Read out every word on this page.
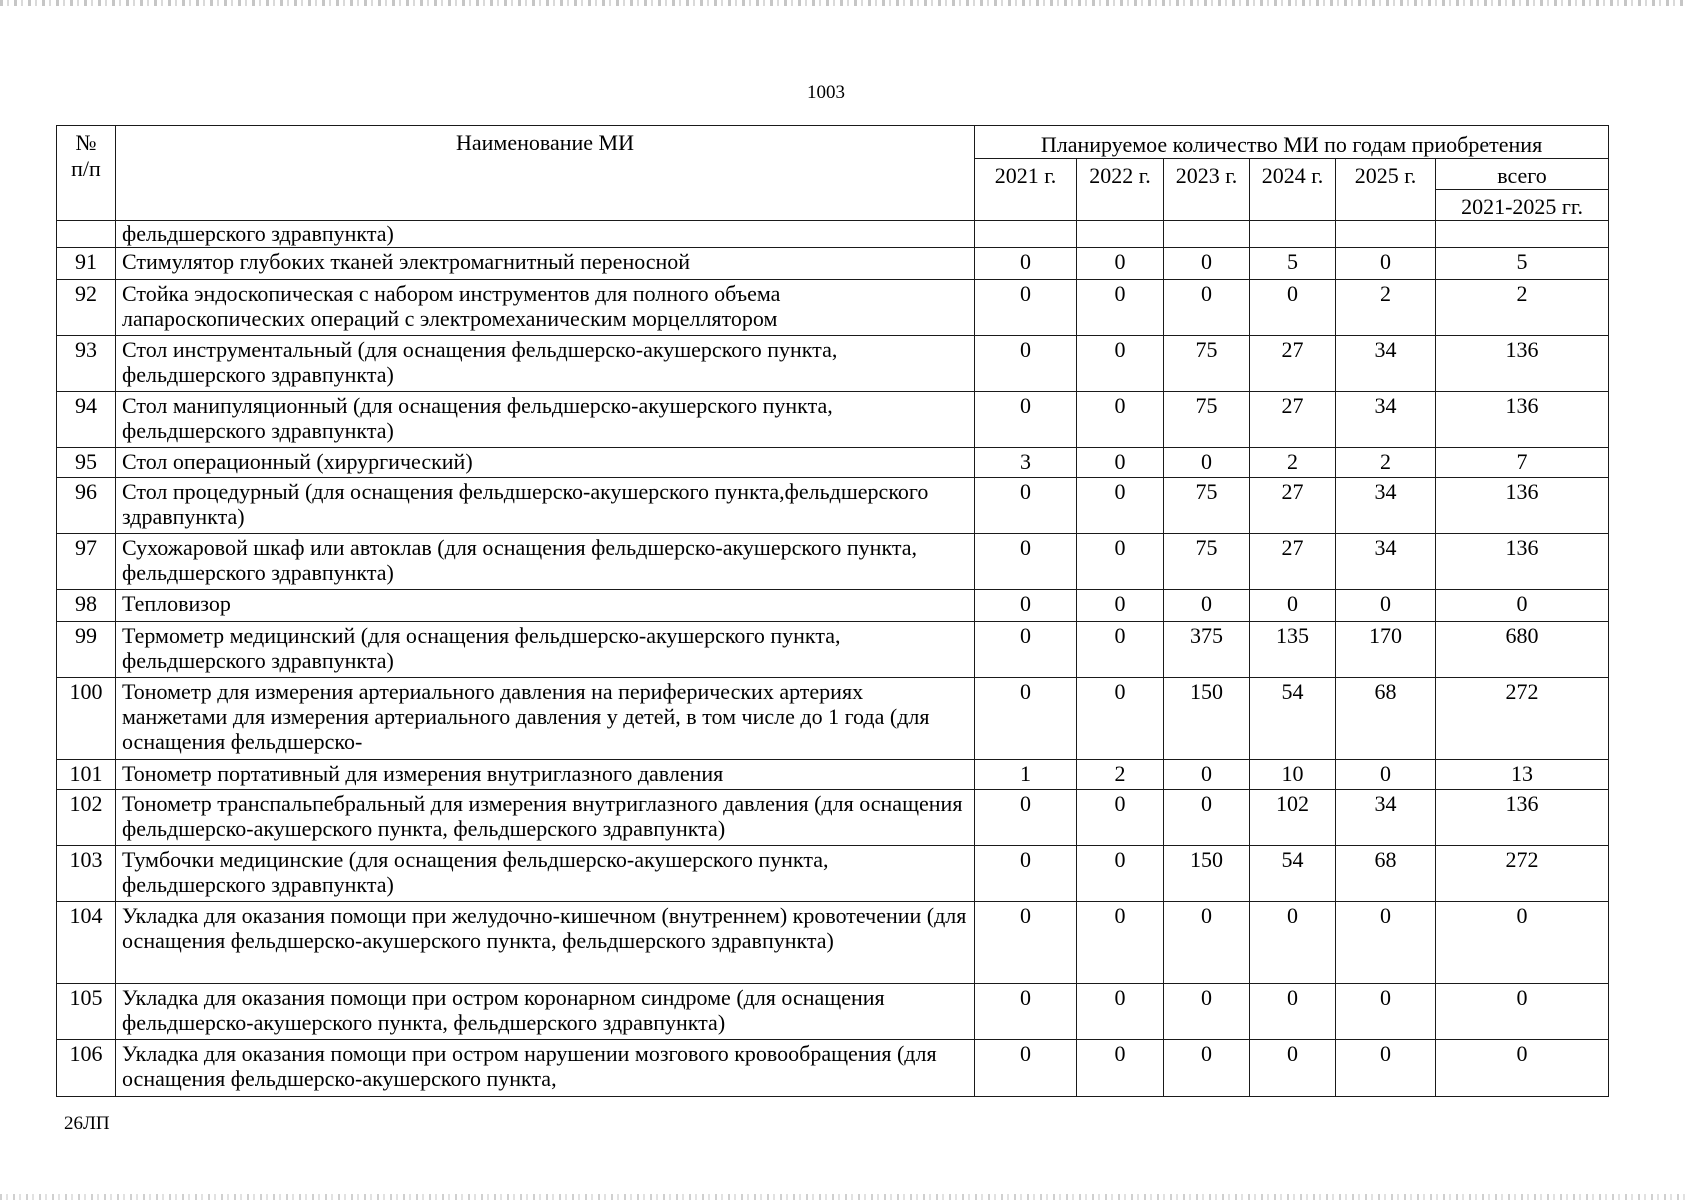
1003
№
п/п	Наименование МИ	Планируемое количество МИ по годам приобретения					
		2021 г.	2022 г.	2023 г.	2024 г.	2025 г.	всего
							2021-2025 гг.
	фельдшерского здравпункта)						
91	Стимулятор глубоких тканей электромагнитный переносной	0	0	0	5	0	5
92	Стойка эндоскопическая с набором инструментов для полного объема лапароскопических операций с электромеханическим морцеллятором	0	0	0	0	2	2
93	Стол инструментальный (для оснащения фельдшерско-акушерского пункта, фельдшерского здравпункта)	0	0	75	27	34	136
94	Стол манипуляционный (для оснащения фельдшерско-акушерского пункта, фельдшерского здравпункта)	0	0	75	27	34	136
95	Стол операционный (хирургический)	3	0	0	2	2	7
96	Стол процедурный (для оснащения фельдшерско-акушерского пункта,фельдшерского здравпункта)	0	0	75	27	34	136
97	Сухожаровой шкаф или автоклав (для оснащения фельдшерско-акушерского пункта, фельдшерского здравпункта)	0	0	75	27	34	136
98	Тепловизор	0	0	0	0	0	0
99	Термометр медицинский (для оснащения фельдшерско-акушерского пункта, фельдшерского здравпункта)	0	0	375	135	170	680
100	Тонометр для измерения артериального давления на периферических артериях манжетами для измерения артериального давления у детей, в том числе до 1 года (для оснащения фельдшерско-	0	0	150	54	68	272
101	Тонометр портативный для измерения внутриглазного давления	1	2	0	10	0	13
102	Тонометр транспальпебральный для измерения внутриглазного давления (для оснащения фельдшерско-акушерского пункта, фельдшерского здравпункта)	0	0	0	102	34	136
103	Тумбочки медицинские (для оснащения фельдшерско-акушерского пункта, фельдшерского здравпункта)	0	0	150	54	68	272
104	Укладка для оказания помощи при желудочно-кишечном (внутреннем) кровотечении (для оснащения фельдшерско-акушерского пункта, фельдшерского здравпункта)	0	0	0	0	0	0
105	Укладка для оказания помощи при остром коронарном синдроме (для оснащения фельдшерско-акушерского пункта, фельдшерского здравпункта)	0	0	0	0	0	0
106	Укладка для оказания помощи при остром нарушении мозгового кровообращения (для оснащения фельдшерско-акушерского пункта,	0	0	0	0	0	0
26ЛП
